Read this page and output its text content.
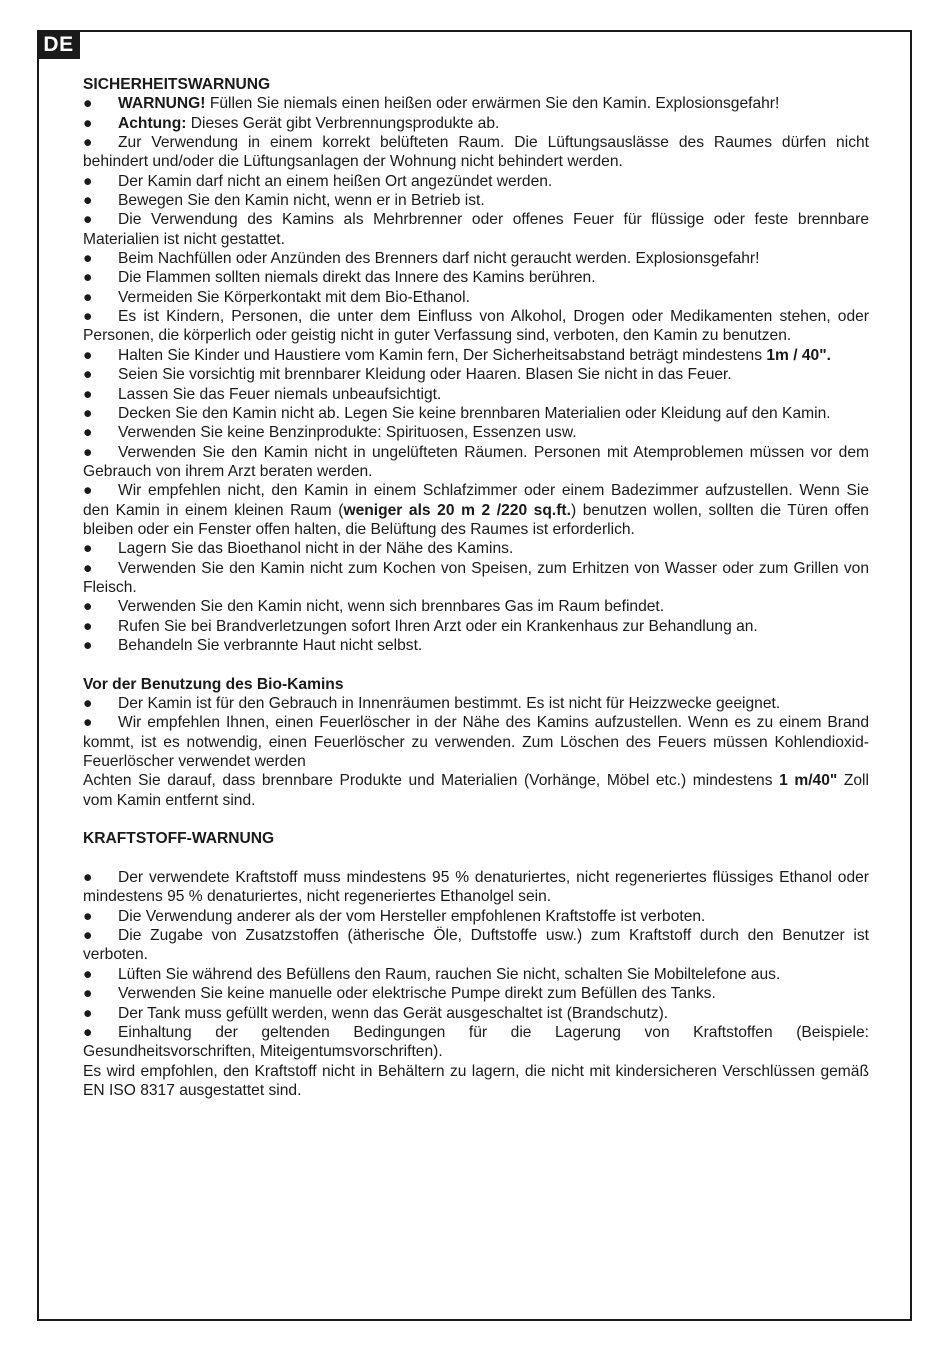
DE

SICHERHEITSWARNUNG

● WARNUNG! Füllen Sie niemals einen heißen oder erwärmen Sie den Kamin. Explosionsgefahr!

● Achtung: Dieses Gerät gibt Verbrennungsprodukte ab.

● Zur Verwendung in einem korrekt belüfteten Raum. Die Lüftungsauslässe des Raumes dürfen nicht behindert und/oder die Lüftungsanlagen der Wohnung nicht behindert werden.

● Der Kamin darf nicht an einem heißen Ort angezündet werden.

● Bewegen Sie den Kamin nicht, wenn er in Betrieb ist.

● Die Verwendung des Kamins als Mehrbrenner oder offenes Feuer für flüssige oder feste brennbare Materialien ist nicht gestattet.

● Beim Nachfüllen oder Anzünden des Brenners darf nicht geraucht werden. Explosionsgefahr!

● Die Flammen sollten niemals direkt das Innere des Kamins berühren.

● Vermeiden Sie Körperkontakt mit dem Bio-Ethanol.

● Es ist Kindern, Personen, die unter dem Einfluss von Alkohol, Drogen oder Medikamenten stehen, oder Personen, die körperlich oder geistig nicht in guter Verfassung sind, verboten, den Kamin zu benutzen.

● Halten Sie Kinder und Haustiere vom Kamin fern, Der Sicherheitsabstand beträgt mindestens 1m / 40".

● Seien Sie vorsichtig mit brennbarer Kleidung oder Haaren. Blasen Sie nicht in das Feuer.

● Lassen Sie das Feuer niemals unbeaufsichtigt.

● Decken Sie den Kamin nicht ab. Legen Sie keine brennbaren Materialien oder Kleidung auf den Kamin.

● Verwenden Sie keine Benzinprodukte: Spirituosen, Essenzen usw.

● Verwenden Sie den Kamin nicht in ungelüfteten Räumen. Personen mit Atemproblemen müssen vor dem Gebrauch von ihrem Arzt beraten werden.

● Wir empfehlen nicht, den Kamin in einem Schlafzimmer oder einem Badezimmer aufzustellen. Wenn Sie den Kamin in einem kleinen Raum (weniger als 20 m 2 /220 sq.ft.) benutzen wollen, sollten die Türen offen bleiben oder ein Fenster offen halten, die Belüftung des Raumes ist erforderlich.

● Lagern Sie das Bioethanol nicht in der Nähe des Kamins.

● Verwenden Sie den Kamin nicht zum Kochen von Speisen, zum Erhitzen von Wasser oder zum Grillen von Fleisch.

● Verwenden Sie den Kamin nicht, wenn sich brennbares Gas im Raum befindet.

● Rufen Sie bei Brandverletzungen sofort Ihren Arzt oder ein Krankenhaus zur Behandlung an.

● Behandeln Sie verbrannte Haut nicht selbst.

Vor der Benutzung des Bio-Kamins

● Der Kamin ist für den Gebrauch in Innenräumen bestimmt. Es ist nicht für Heizzwecke geeignet.

● Wir empfehlen Ihnen, einen Feuerlöscher in der Nähe des Kamins aufzustellen. Wenn es zu einem Brand kommt, ist es notwendig, einen Feuerlöscher zu verwenden. Zum Löschen des Feuers müssen Kohlendioxid-Feuerlöscher verwendet werden

Achten Sie darauf, dass brennbare Produkte und Materialien (Vorhänge, Möbel etc.) mindestens 1 m/40" Zoll vom Kamin entfernt sind.

KRAFTSTOFF-WARNUNG

● Der verwendete Kraftstoff muss mindestens 95 % denaturiertes, nicht regeneriertes flüssiges Ethanol oder mindestens 95 % denaturiertes, nicht regeneriertes Ethanolgel sein.

● Die Verwendung anderer als der vom Hersteller empfohlenen Kraftstoffe ist verboten.

● Die Zugabe von Zusatzstoffen (ätherische Öle, Duftstoffe usw.) zum Kraftstoff durch den Benutzer ist verboten.

● Lüften Sie während des Befüllens den Raum, rauchen Sie nicht, schalten Sie Mobiltelefone aus.

● Verwenden Sie keine manuelle oder elektrische Pumpe direkt zum Befüllen des Tanks.

● Der Tank muss gefüllt werden, wenn das Gerät ausgeschaltet ist (Brandschutz).

● Einhaltung der geltenden Bedingungen für die Lagerung von Kraftstoffen (Beispiele: Gesundheitsvorschriften, Miteigentumsvorschriften).

Es wird empfohlen, den Kraftstoff nicht in Behältern zu lagern, die nicht mit kindersicheren Verschlüssen gemäß EN ISO 8317 ausgestattet sind.
